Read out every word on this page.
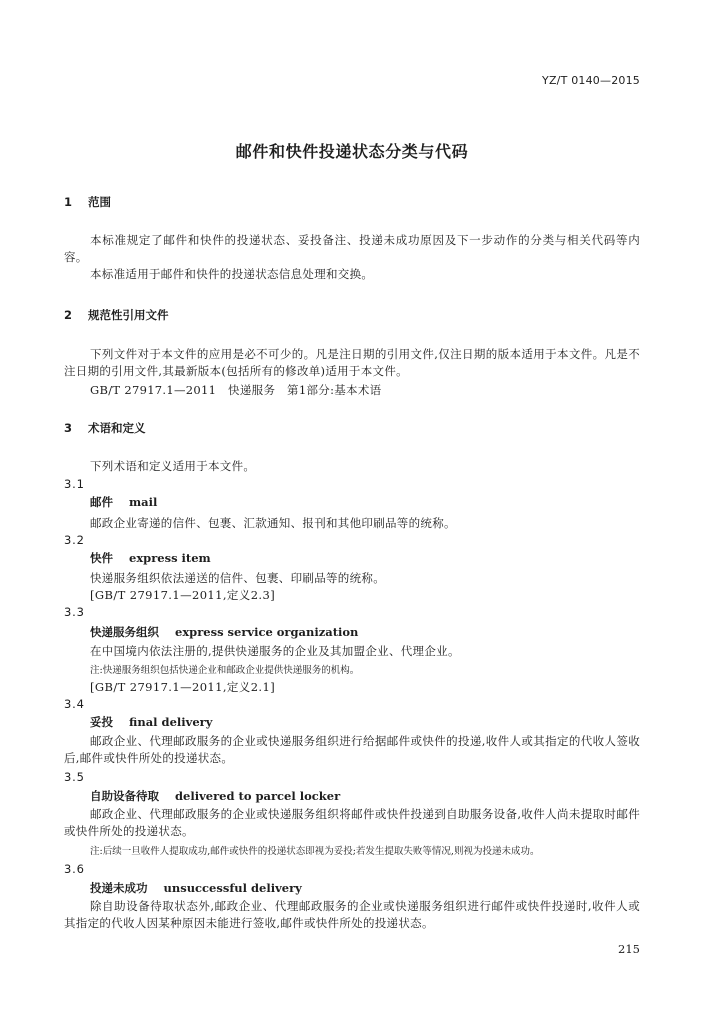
YZ/T 0140—2015
邮件和快件投递状态分类与代码
1 范围
本标准规定了邮件和快件的投递状态、妥投备注、投递未成功原因及下一步动作的分类与相关代码等内容。
本标准适用于邮件和快件的投递状态信息处理和交换。
2 规范性引用文件
下列文件对于本文件的应用是必不可少的。凡是注日期的引用文件,仅注日期的版本适用于本文件。凡是不注日期的引用文件,其最新版本(包括所有的修改单)适用于本文件。
GB/T 27917.1—2011　快递服务　第1部分:基本术语
3 术语和定义
下列术语和定义适用于本文件。
3.1
邮件 mail
邮政企业寄递的信件、包裹、汇款通知、报刊和其他印刷品等的统称。
3.2
快件 express item
快递服务组织依法递送的信件、包裹、印刷品等的统称。
[GB/T 27917.1—2011,定义2.3]
3.3
快递服务组织 express service organization
在中国境内依法注册的,提供快递服务的企业及其加盟企业、代理企业。
注:快递服务组织包括快递企业和邮政企业提供快递服务的机构。
[GB/T 27917.1—2011,定义2.1]
3.4
妥投 final delivery
邮政企业、代理邮政服务的企业或快递服务组织进行给据邮件或快件的投递,收件人或其指定的代收人签收后,邮件或快件所处的投递状态。
3.5
自助设备待取 delivered to parcel locker
邮政企业、代理邮政服务的企业或快递服务组织将邮件或快件投递到自助服务设备,收件人尚未提取时邮件或快件所处的投递状态。
注:后续一旦收件人提取成功,邮件或快件的投递状态即视为妥投;若发生提取失败等情况,则视为投递未成功。
3.6
投递未成功 unsuccessful delivery
除自助设备待取状态外,邮政企业、代理邮政服务的企业或快递服务组织进行邮件或快件投递时,收件人或其指定的代收人因某种原因未能进行签收,邮件或快件所处的投递状态。
215
